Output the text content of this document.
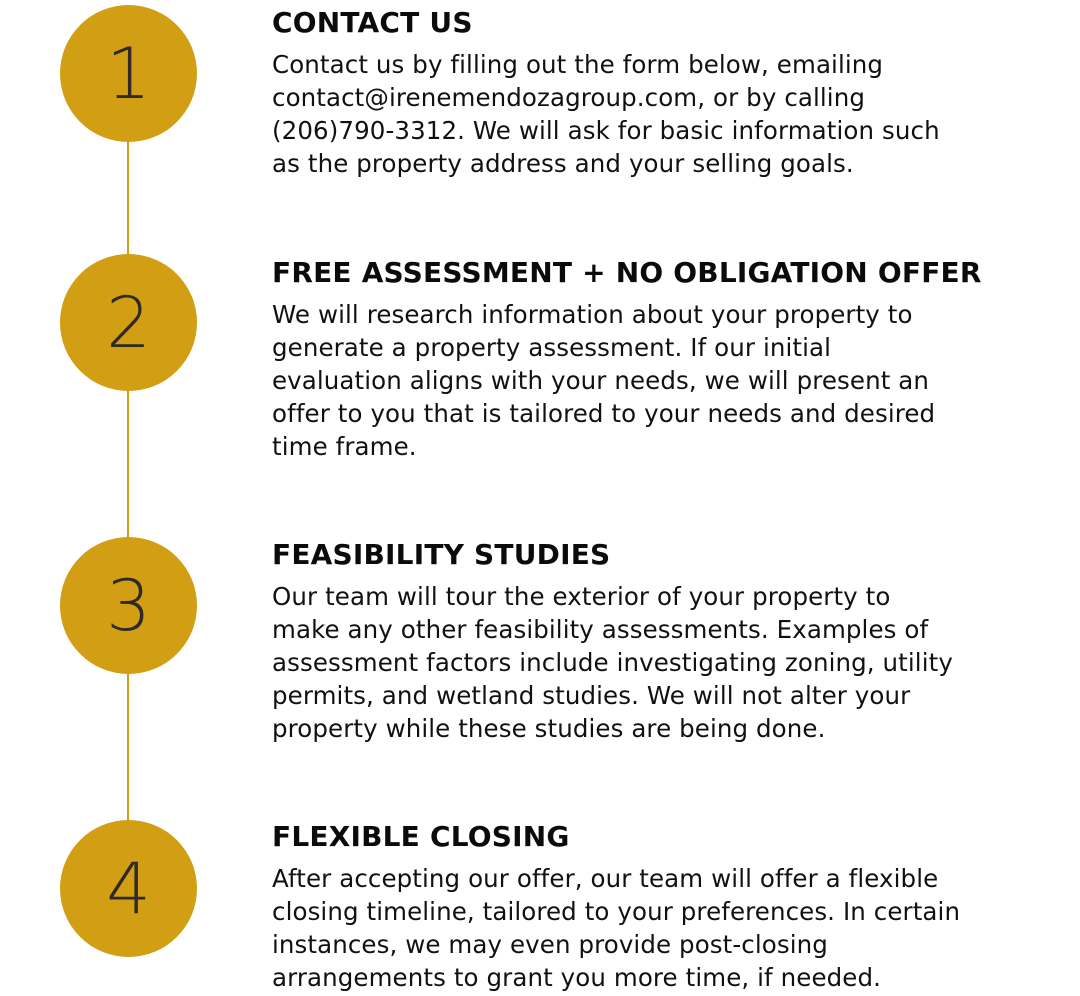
1
2
3
4
CONTACT US

Contact us by filling out the form below, emailing
contact@irenemendozagroup.com, or by calling
(206)790-3312. We will ask for basic information such
as the property address and your selling goals.

FREE ASSESSMENT + NO OBLIGATION OFFER

We will research information about your property to
generate a property assessment. If our initial
evaluation aligns with your needs, we will present an
offer to you that is tailored to your needs and desired
time frame.

FEASIBILITY STUDIES

Our team will tour the exterior of your property to
make any other feasibility assessments. Examples of
assessment factors include investigating zoning, utility
permits, and wetland studies. We will not alter your
property while these studies are being done.

FLEXIBLE CLOSING

After accepting our offer, our team will offer a flexible
closing timeline, tailored to your preferences. In certain
instances, we may even provide post-closing
arrangements to grant you more time, if needed.
